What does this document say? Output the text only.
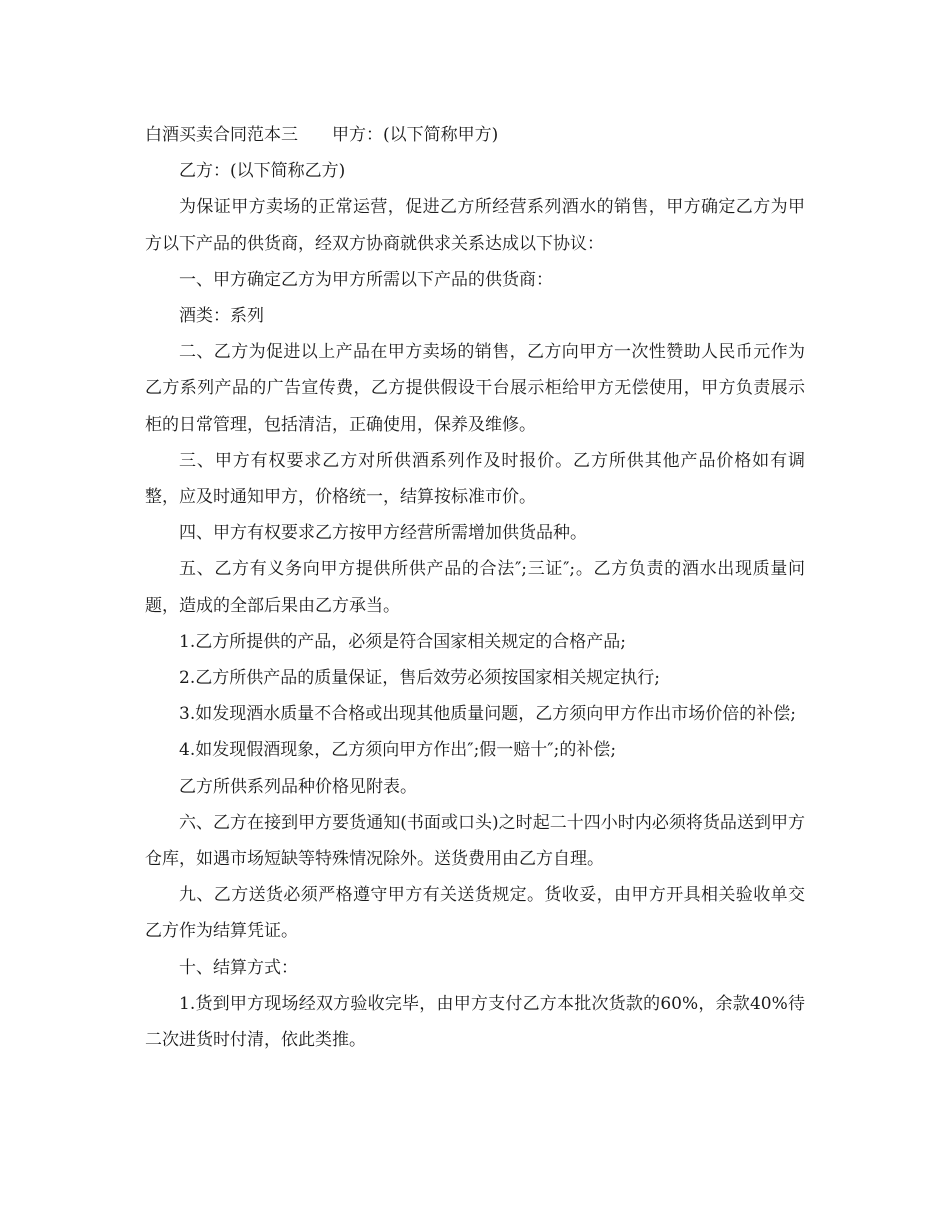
白酒买卖合同范本三 甲方：(以下简称甲方)

乙方：(以下简称乙方)

为保证甲方卖场的正常运营，促进乙方所经营系列酒水的销售，甲方确定乙方为甲方以下产品的供货商，经双方协商就供求关系达成以下协议：

一、甲方确定乙方为甲方所需以下产品的供货商：

酒类：系列

二、乙方为促进以上产品在甲方卖场的销售，乙方向甲方一次性赞助人民币元作为乙方系列产品的广告宣传费，乙方提供假设干台展示柜给甲方无偿使用，甲方负责展示柜的日常管理，包括清洁，正确使用，保养及维修。

三、甲方有权要求乙方对所供酒系列作及时报价。乙方所供其他产品价格如有调整，应及时通知甲方，价格统一，结算按标准市价。

四、甲方有权要求乙方按甲方经营所需增加供货品种。

五、乙方有义务向甲方提供所供产品的合法″;三证″;。乙方负责的酒水出现质量问题，造成的全部后果由乙方承当。

1.乙方所提供的产品，必须是符合国家相关规定的合格产品;

2.乙方所供产品的质量保证，售后效劳必须按国家相关规定执行;

3.如发现酒水质量不合格或出现其他质量问题，乙方须向甲方作出市场价倍的补偿;

4.如发现假酒现象，乙方须向甲方作出″;假一赔十″;的补偿;

乙方所供系列品种价格见附表。

六、乙方在接到甲方要货通知(书面或口头)之时起二十四小时内必须将货品送到甲方仓库，如遇市场短缺等特殊情况除外。送货费用由乙方自理。

九、乙方送货必须严格遵守甲方有关送货规定。货收妥，由甲方开具相关验收单交乙方作为结算凭证。

十、结算方式：

1.货到甲方现场经双方验收完毕，由甲方支付乙方本批次货款的60%，余款40%待二次进货时付清，依此类推。
